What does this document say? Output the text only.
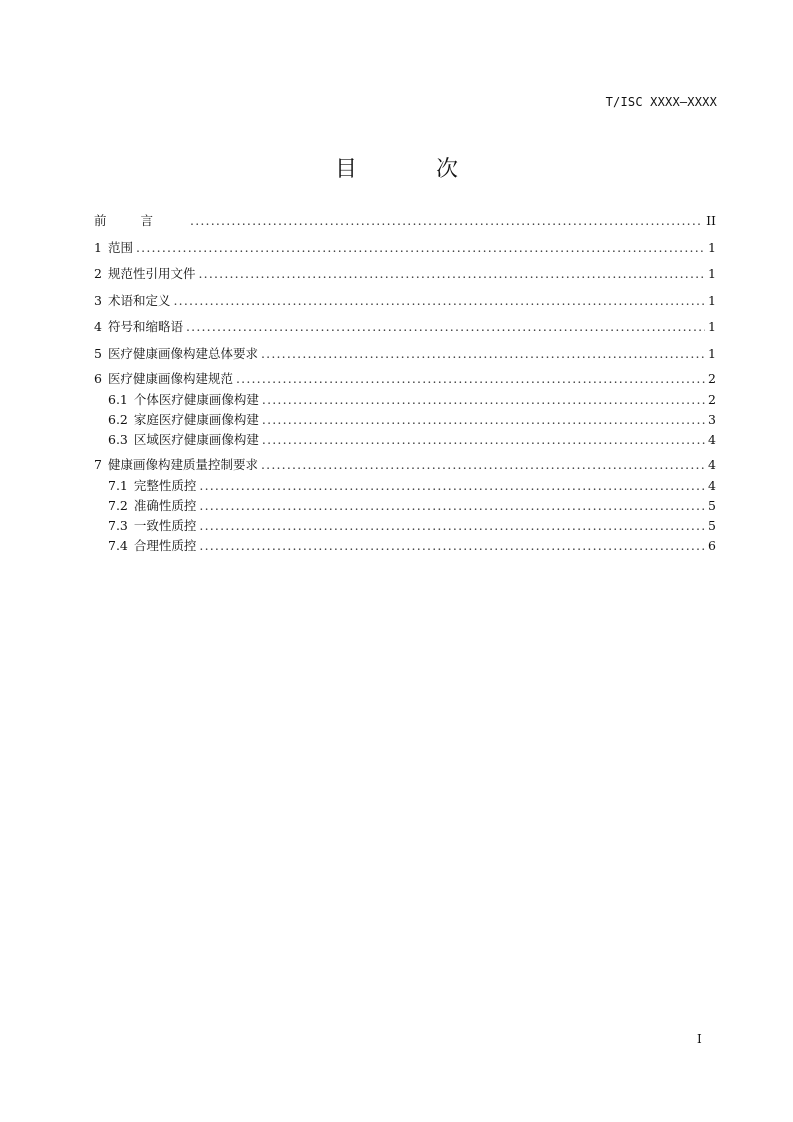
T/ISC XXXX—XXXX
目 次
前言 .....	II
1 范围 .....	1
2 规范性引用文件 .....	1
3 术语和定义 .....	1
4 符号和缩略语 .....	1
5 医疗健康画像构建总体要求 .....	1
6 医疗健康画像构建规范 .....	2
6.1 个体医疗健康画像构建 .....	2
6.2 家庭医疗健康画像构建 .....	3
6.3 区域医疗健康画像构建 .....	4
7 健康画像构建质量控制要求 .....	4
7.1 完整性质控 .....	4
7.2 准确性质控 .....	5
7.3 一致性质控 .....	5
7.4 合理性质控 .....	6
I
